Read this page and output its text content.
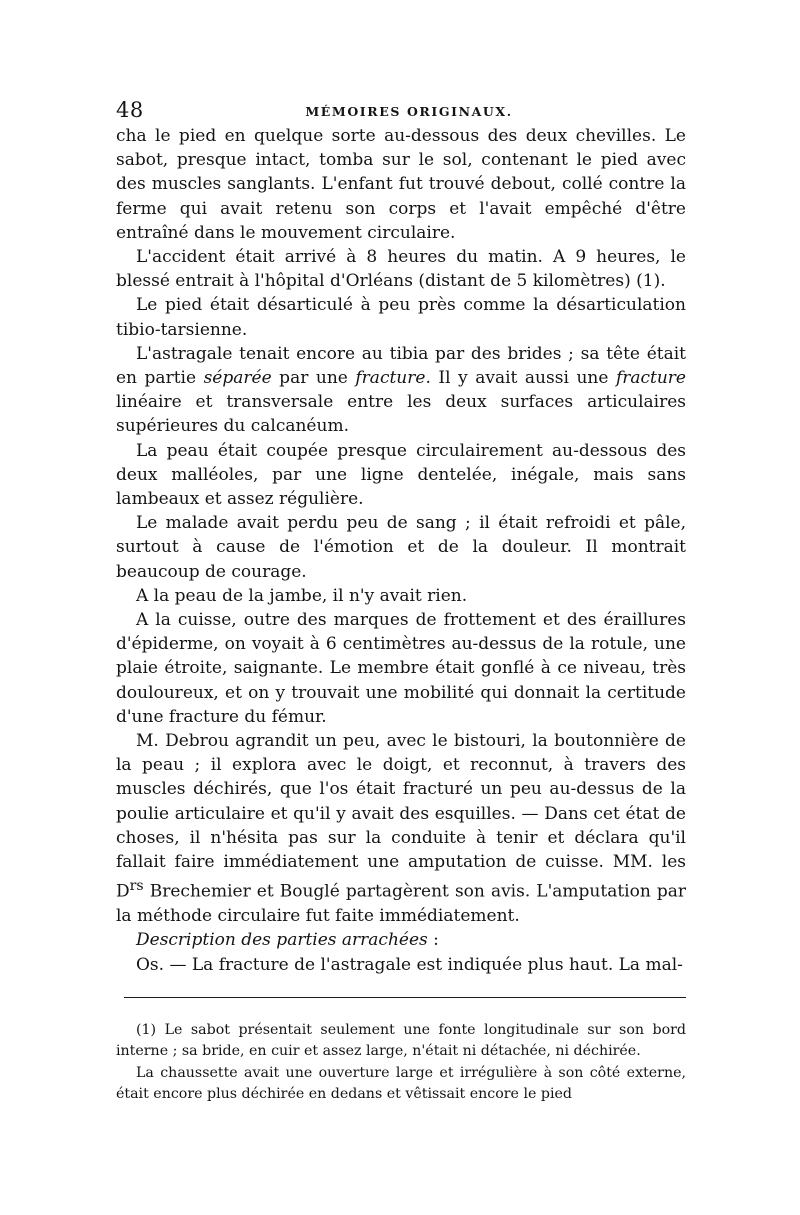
48	MÉMOIRES ORIGINAUX.

cha le pied en quelque sorte au-dessous des deux chevilles. Le sabot, presque intact, tomba sur le sol, contenant le pied avec des muscles sanglants. L'enfant fut trouvé debout, collé contre la ferme qui avait retenu son corps et l'avait empêché d'être entraîné dans le mouvement circulaire.

L'accident était arrivé à 8 heures du matin. A 9 heures, le blessé entrait à l'hôpital d'Orléans (distant de 5 kilomètres) (1).

Le pied était désarticulé à peu près comme la désarticulation tibio-tarsienne.

L'astragale tenait encore au tibia par des brides ; sa tête était en partie séparée par une fracture. Il y avait aussi une fracture linéaire et transversale entre les deux surfaces articulaires supérieures du calcanéum.

La peau était coupée presque circulairement au-dessous des deux malléoles, par une ligne dentelée, inégale, mais sans lambeaux et assez régulière.

Le malade avait perdu peu de sang ; il était refroidi et pâle, surtout à cause de l'émotion et de la douleur. Il montrait beaucoup de courage.

A la peau de la jambe, il n'y avait rien.

A la cuisse, outre des marques de frottement et des éraillures d'épiderme, on voyait à 6 centimètres au-dessus de la rotule, une plaie étroite, saignante. Le membre était gonflé à ce niveau, très douloureux, et on y trouvait une mobilité qui donnait la certitude d'une fracture du fémur.

M. Debrou agrandit un peu, avec le bistouri, la boutonnière de la peau ; il explora avec le doigt, et reconnut, à travers des muscles déchirés, que l'os était fracturé un peu au-dessus de la poulie articulaire et qu'il y avait des esquilles. — Dans cet état de choses, il n'hésita pas sur la conduite à tenir et déclara qu'il fallait faire immédiatement une amputation de cuisse. MM. les $D^{rs}$ Brechemier et Bouglé partagèrent son avis. L'amputation par la méthode circulaire fut faite immédiatement.

Description des parties arrachées :

Os. — La fracture de l'astragale est indiquée plus haut. La mal-

(1) Le sabot présentait seulement une fonte longitudinale sur son bord interne ; sa bride, en cuir et assez large, n'était ni détachée, ni déchirée.

La chaussette avait une ouverture large et irrégulière à son côté externe, était encore plus déchirée en dedans et vêtissait encore le pied
